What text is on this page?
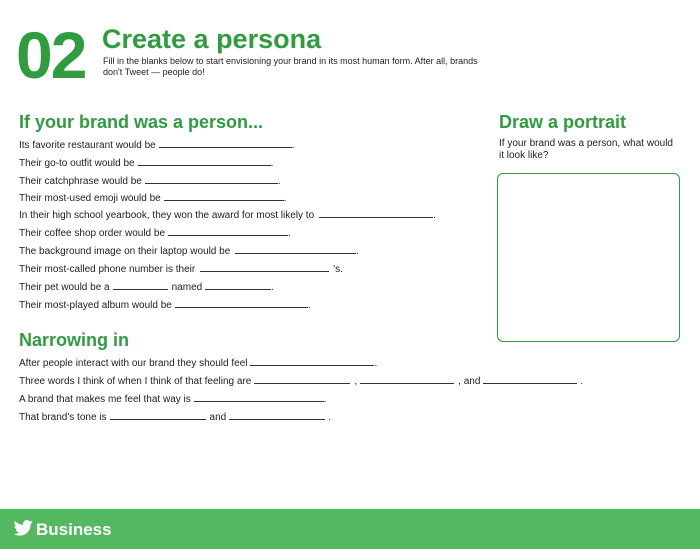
02 Create a persona
Fill in the blanks below to start envisioning your brand in its most human form. After all, brands don't Tweet — people do!
If your brand was a person...
Its favorite restaurant would be	.
Their go-to outfit would be	.
Their catchphrase would be	.
Their most-used emoji would be	.
In their high school yearbook, they won the award for most likely to	.
Their coffee shop order would be	.
The background image on their laptop would be	.
Their most-called phone number is their	's.
Their pet would be a	named	.
Their most-played album would be	.
Narrowing in
After people interact with our brand they should feel	.
Three words I think of when I think of that feeling are	,	, and	.
A brand that makes me feel that way is	.
That brand's tone is	and	.
Draw a portrait
If your brand was a person, what would it look like?
Business
